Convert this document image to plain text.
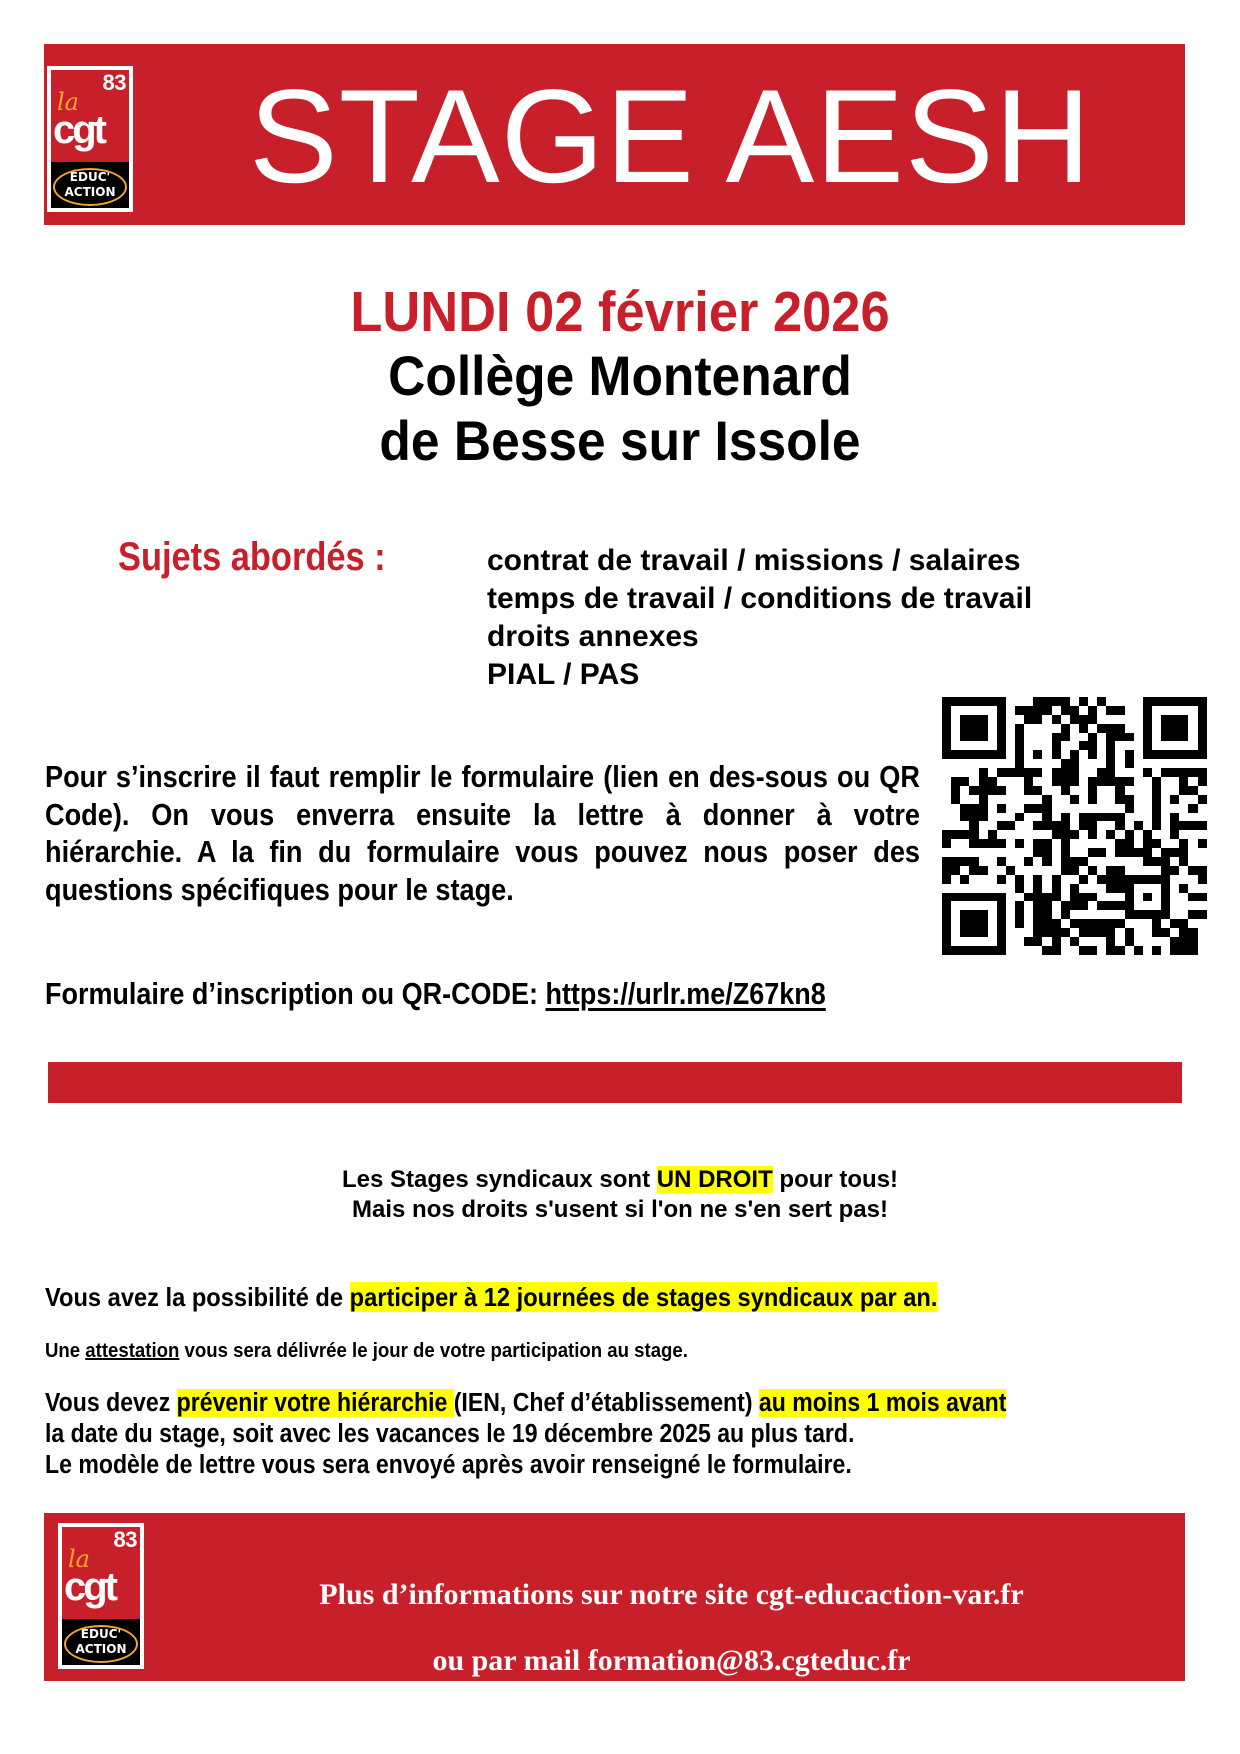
83
la
cgt
ÉDUC'
ACTION STAGE AESH
LUNDI 02 février 2026
Collège Montenard
de Besse sur Issole
Sujets abordés :	contrat de travail / missions / salaires
temps de travail / conditions de travail
droits annexes
PIAL / PAS
Pour s’inscrire il faut remplir le formulaire (lien en des-sous ou QR Code). On vous enverra ensuite la lettre à donner à votre hiérarchie. A la fin du formulaire vous pouvez nous poser des questions spécifiques pour le stage.
Formulaire d’inscription ou QR-CODE: https://urlr.me/Z67kn8
Les Stages syndicaux sont UN DROIT pour tous!
Mais nos droits s'usent si l'on ne s'en sert pas!
Vous avez la possibilité de participer à 12 journées de stages syndicaux par an.
Une attestation vous sera délivrée le jour de votre participation au stage.
Vous devez prévenir votre hiérarchie (IEN, Chef d’établissement) au moins 1 mois avant
la date du stage, soit avec les vacances le 19 décembre 2025 au plus tard.
Le modèle de lettre vous sera envoyé après avoir renseigné le formulaire.
83
la
cgt
ÉDUC'
ACTION
Plus d’informations sur notre site cgt-educaction-var.fr
ou par mail formation@83.cgteduc.fr
